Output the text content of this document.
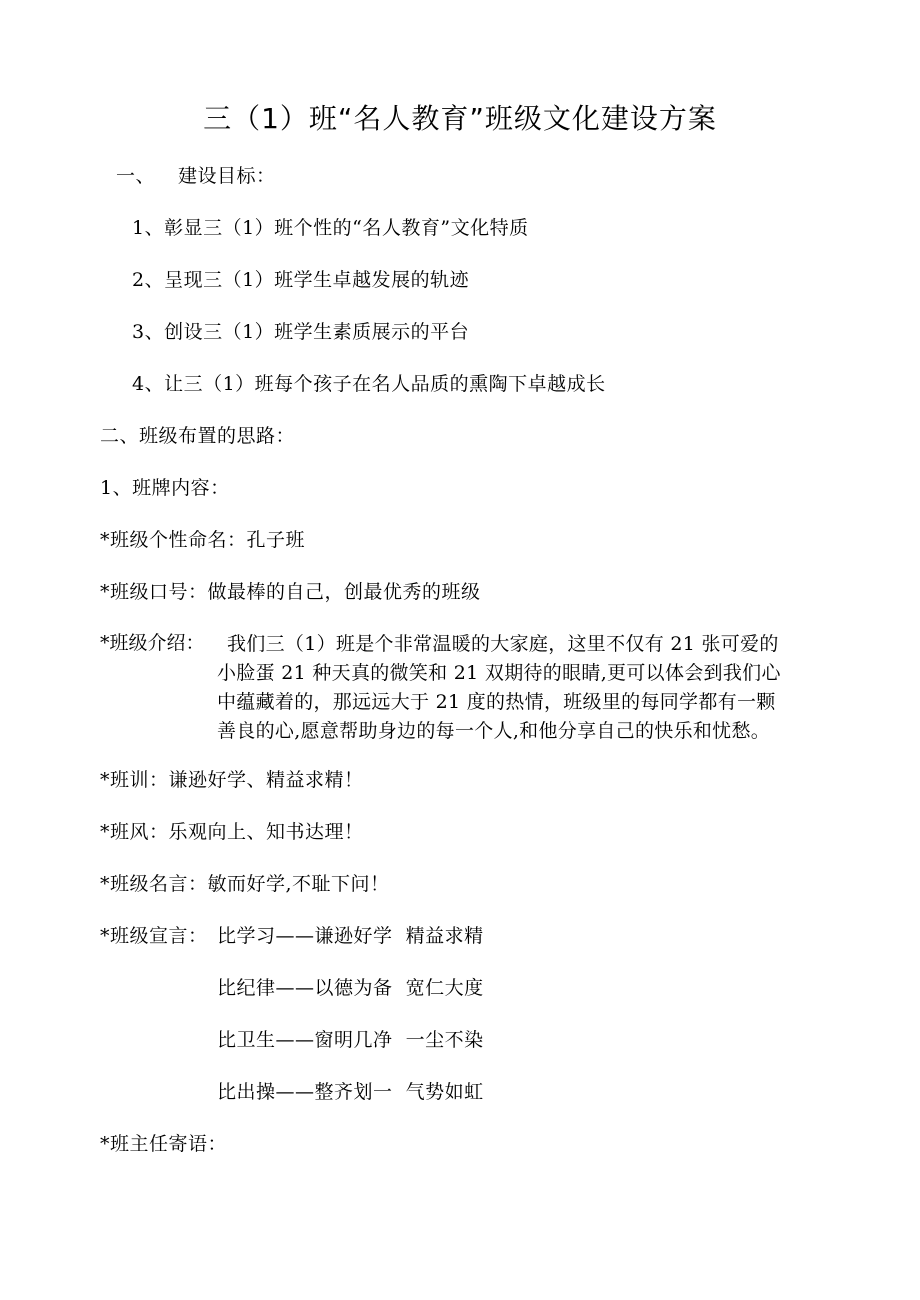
三（1）班“名人教育”班级文化建设方案
一、 建设目标：
1、彰显三（1）班个性的“名人教育”文化特质
2、呈现三（1）班学生卓越发展的轨迹
3、创设三（1）班学生素质展示的平台
4、让三（1）班每个孩子在名人品质的熏陶下卓越成长
二、班级布置的思路：
1、班牌内容：
*班级个性命名：孔子班
*班级口号：做最棒的自己，创最优秀的班级
*班级介绍：	我们三（1）班是个非常温暖的大家庭，这里不仅有 21 张可爱的

小脸蛋 21 种天真的微笑和 21 双期待的眼睛,更可以体会到我们心

中蕴藏着的，那远远大于 21 度的热情，班级里的每同学都有一颗

善良的心,愿意帮助身边的每一个人,和他分享自己的快乐和忧愁。

*班训：谦逊好学、精益求精！
*班风：乐观向上、知书达理！
*班级名言：敏而好学,不耻下问！
*班级宣言： 比学习——谦逊好学  精益求精
比纪律——以德为备  宽仁大度
比卫生——窗明几净  一尘不染
比出操——整齐划一  气势如虹
*班主任寄语：
